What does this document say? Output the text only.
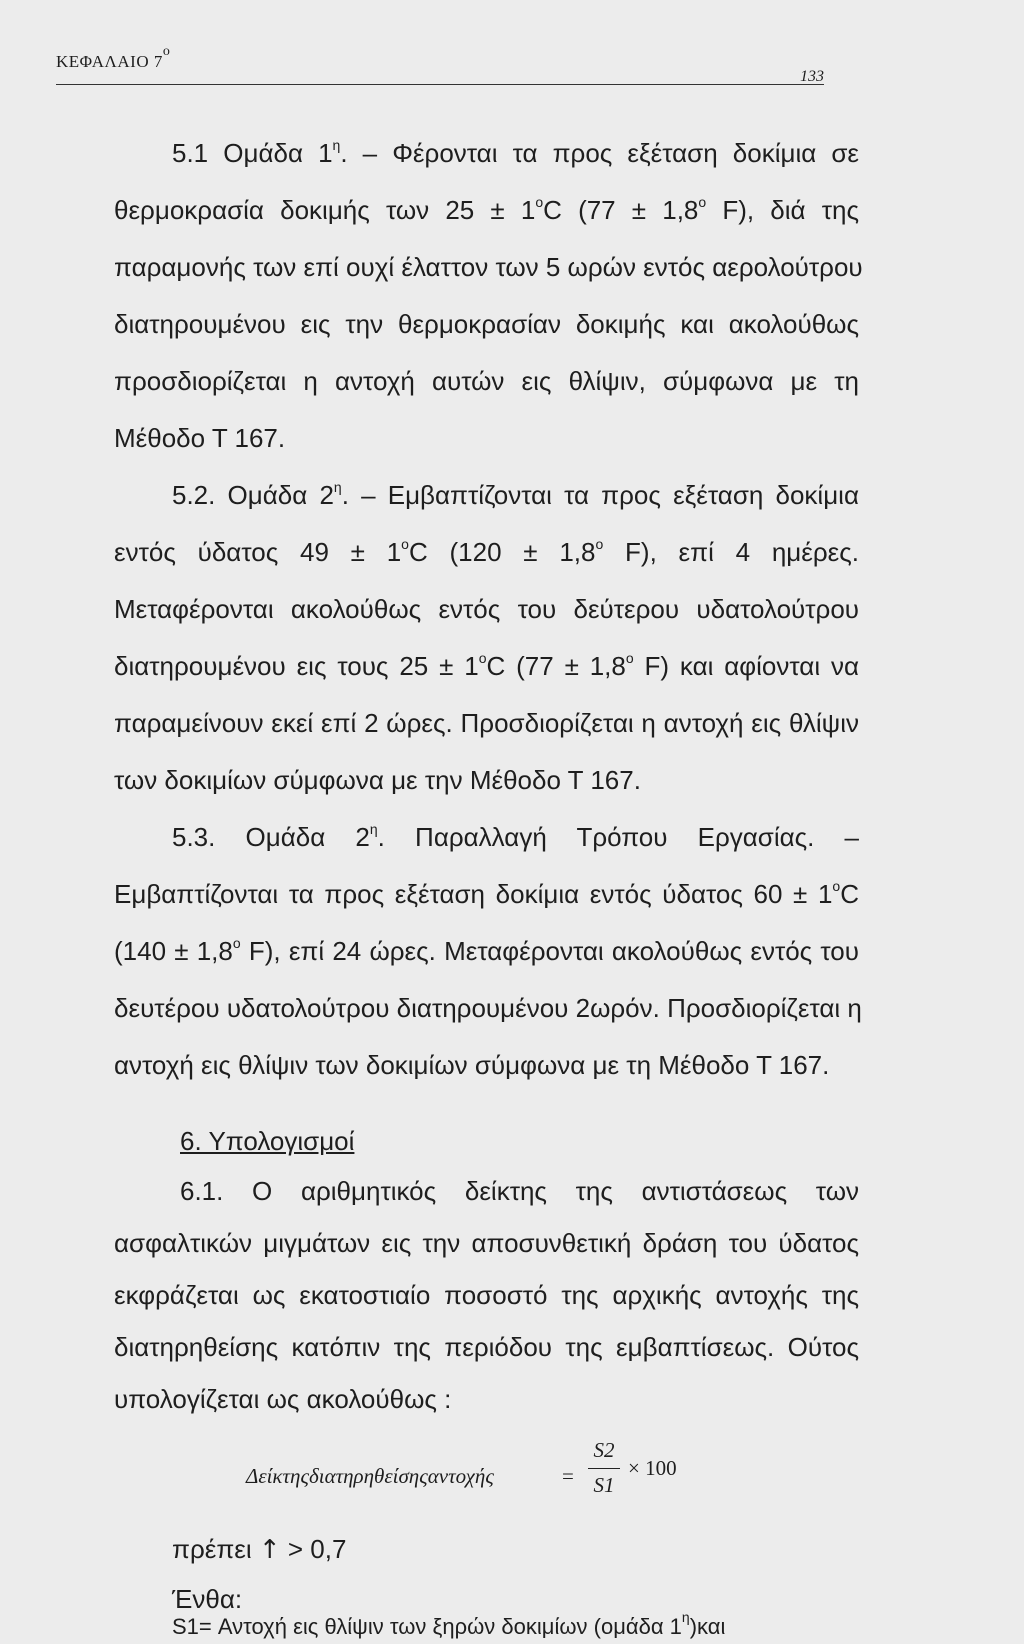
ΚΕΦΑΛΑΙΟ $7^o$
133
5.1 Ομάδα $1^\eta$. – Φέρονται τα προς εξέταση δοκίμια σε
θερμοκρασία δοκιμής των $25 \pm 1^oC$ ($77 \pm 1,8^o$ F), διά της
παραμονής των επί ουχί έλαττον των 5 ωρών εντός αερολούτρου
διατηρουμένου εις την θερμοκρασίαν δοκιμής και ακολούθως
προσδιορίζεται η αντοχή αυτών εις θλίψιν, σύμφωνα με τη
Μέθοδο Τ 167.
5.2. Ομάδα $2^\eta$. – Εμβαπτίζονται τα προς εξέταση δοκίμια
εντός ύδατος $49 \pm 1^oC$ ($120 \pm 1,8^o$ F), επί 4 ημέρες.
Μεταφέρονται ακολούθως εντός του δεύτερου υδατολούτρου
διατηρουμένου εις τους $25 \pm 1^oC$ ($77 \pm 1,8^o$ F) και αφίονται να
παραμείνουν εκεί επί 2 ώρες. Προσδιορίζεται η αντοχή εις θλίψιν
των δοκιμίων σύμφωνα με την Μέθοδο Τ 167.
5.3. Ομάδα $2^\eta$. Παραλλαγή Τρόπου Εργασίας. –
Εμβαπτίζονται τα προς εξέταση δοκίμια εντός ύδατος $60 \pm 1^oC$
($140 \pm 1,8^o$ F), επί 24 ώρες. Μεταφέρονται ακολούθως εντός του
δευτέρου υδατολούτρου διατηρουμένου 2ωρόν. Προσδιορίζεται η
αντοχή εις θλίψιν των δοκιμίων σύμφωνα με τη Μέθοδο Τ 167.
6. Υπολογισμοί
6.1. Ο αριθμητικός δείκτης της αντιστάσεως των
ασφαλτικών μιγμάτων εις την αποσυνθετική δράση του ύδατος
εκφράζεται ως εκατοστιαίο ποσοστό της αρχικής αντοχής της
διατηρηθείσης κατόπιν της περιόδου της εμβαπτίσεως. Ούτος
υπολογίζεται ως ακολούθως :
Δείκτηςδιατηρηθείσηςαντοχής	=
S2
S1
× 100
πρέπει ↑ > 0,7
Ένθα:
S1= Αντοχή εις θλίψιν των ξηρών δοκιμίων (ομάδα $1^\eta)\kappa\alpha\iota$
